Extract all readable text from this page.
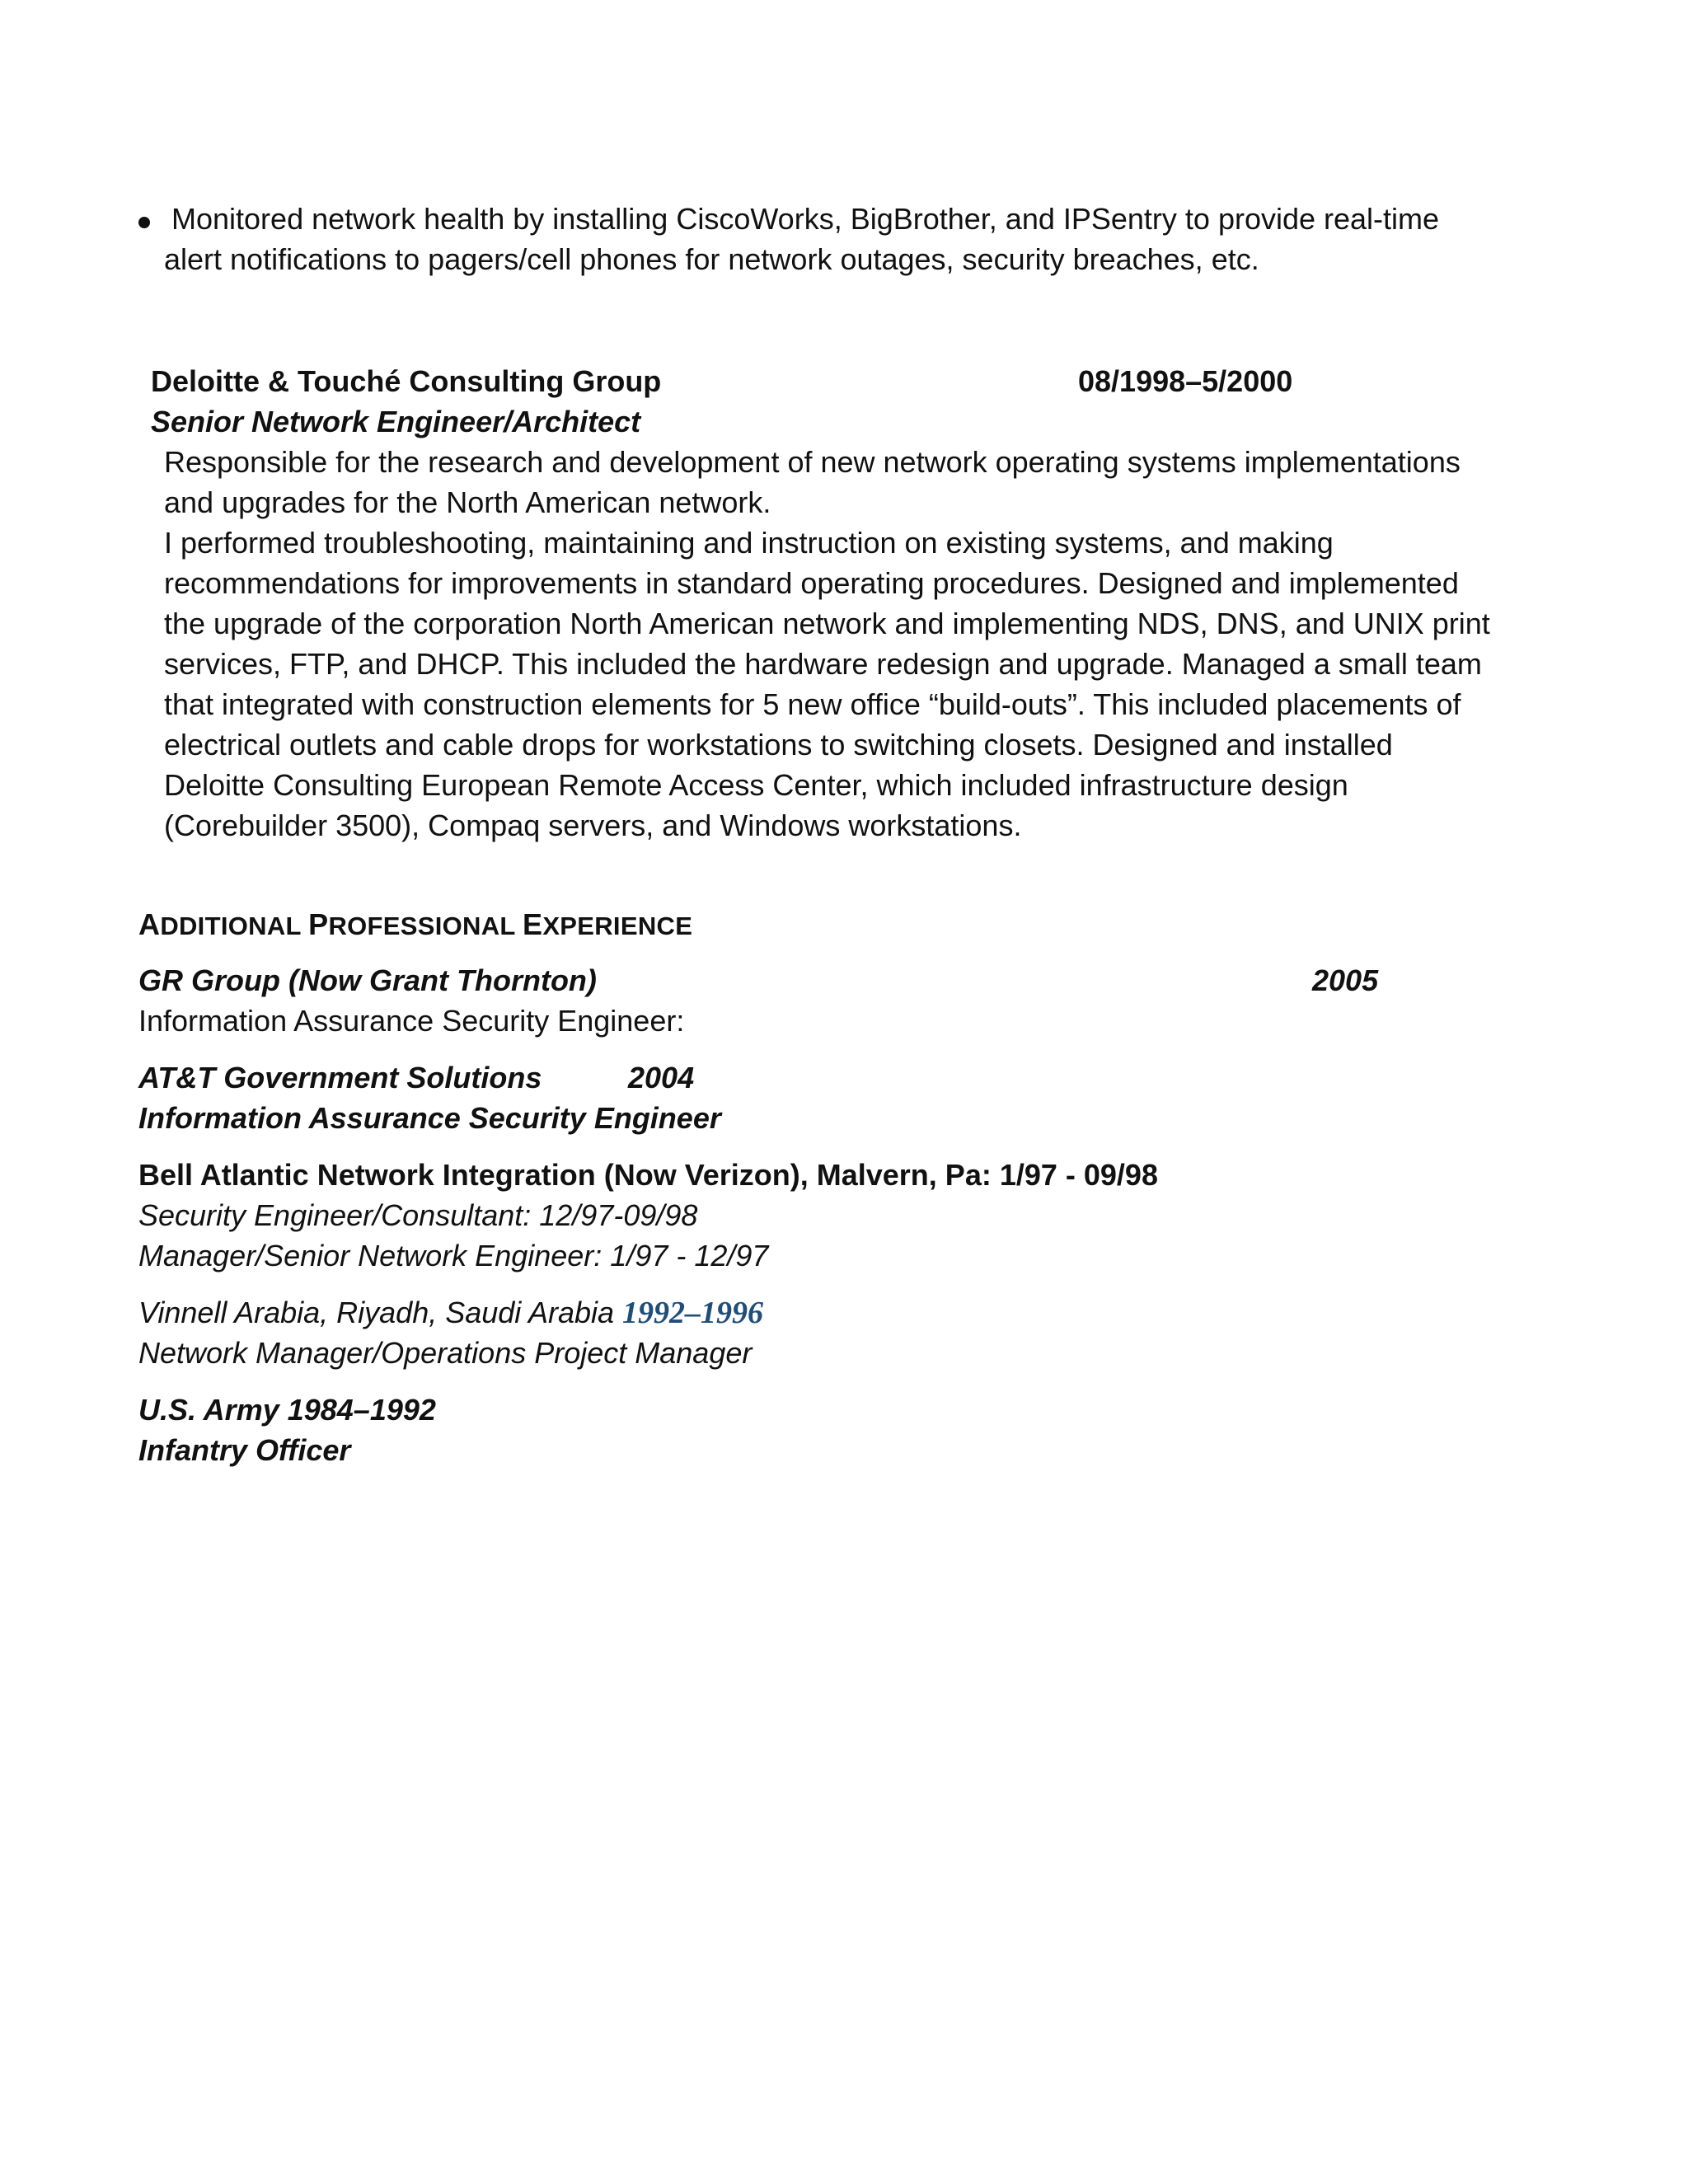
Monitored network health by installing CiscoWorks, BigBrother, and IPSentry to provide real-time
alert notifications to pagers/cell phones for network outages, security breaches, etc.
Deloitte & Touché Consulting Group	08/1998–5/2000
Senior Network Engineer/Architect
Responsible for the research and development of new network operating systems implementations
and upgrades for the North American network.
I performed troubleshooting, maintaining and instruction on existing systems, and making
recommendations for improvements in standard operating procedures. Designed and implemented
the upgrade of the corporation North American network and implementing NDS, DNS, and UNIX print
services, FTP, and DHCP. This included the hardware redesign and upgrade. Managed a small team
that integrated with construction elements for 5 new office “build-outs”. This included placements of
electrical outlets and cable drops for workstations to switching closets. Designed and installed
Deloitte Consulting European Remote Access Center, which included infrastructure design
(Corebuilder 3500), Compaq servers, and Windows workstations.
ADDITIONAL PROFESSIONAL EXPERIENCE
GR Group (Now Grant Thornton)	2005
Information Assurance Security Engineer:
AT&T Government Solutions	2004
Information Assurance Security Engineer
Bell Atlantic Network Integration (Now Verizon), Malvern, Pa: 1/97 - 09/98
Security Engineer/Consultant: 12/97-09/98
Manager/Senior Network Engineer: 1/97 - 12/97
Vinnell Arabia, Riyadh, Saudi Arabia 1992–1996
Network Manager/Operations Project Manager
U.S. Army 1984–1992
Infantry Officer
